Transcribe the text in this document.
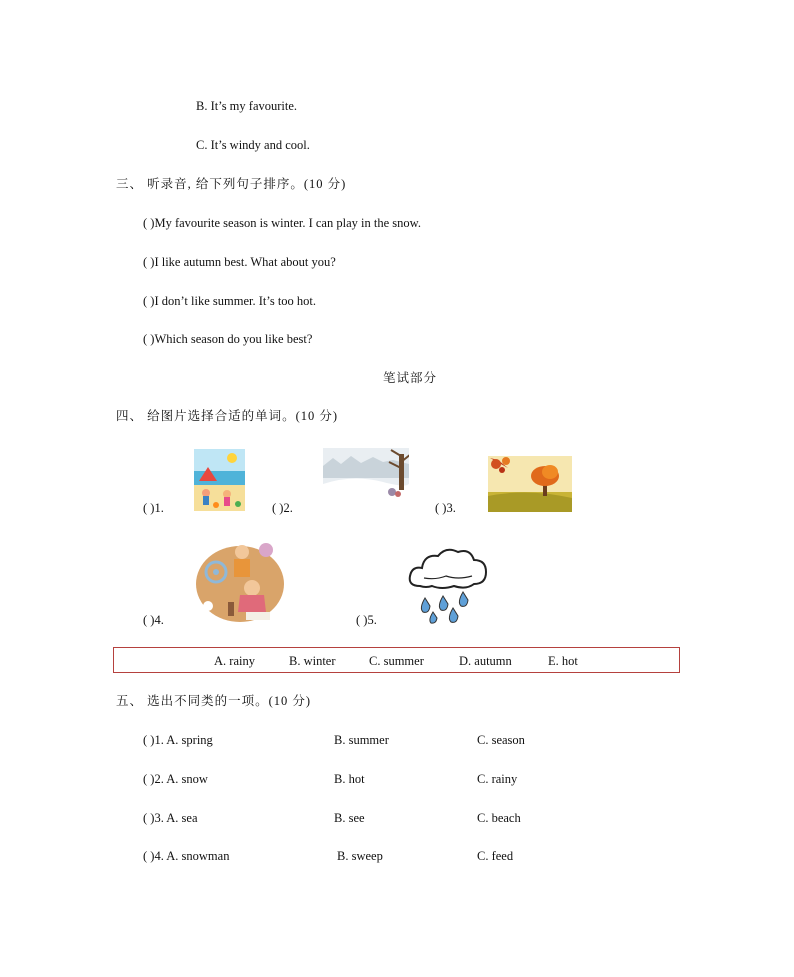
B. It’s my favourite.
C. It’s windy and cool.
三、 听录音, 给下列句子排序。(10 分)
( )My favourite season is winter. I can play in the snow.
( )I like autumn best. What about you?
( )I don’t like summer. It’s too hot.
( )Which season do you like best?
笔试部分
四、 给图片选择合适的单词。(10 分)
( )1.	( )2.	( )3.
( )4.	( )5.
A. rainy	B. winter	C. summer	D. autumn	E. hot
五、 选出不同类的一项。(10 分)
( )1. A. spring	B. summer	C. season
( )2. A. snow	B. hot	C. rainy
( )3. A. sea	B. see	C. beach
( )4. A. snowman	B. sweep	C. feed
